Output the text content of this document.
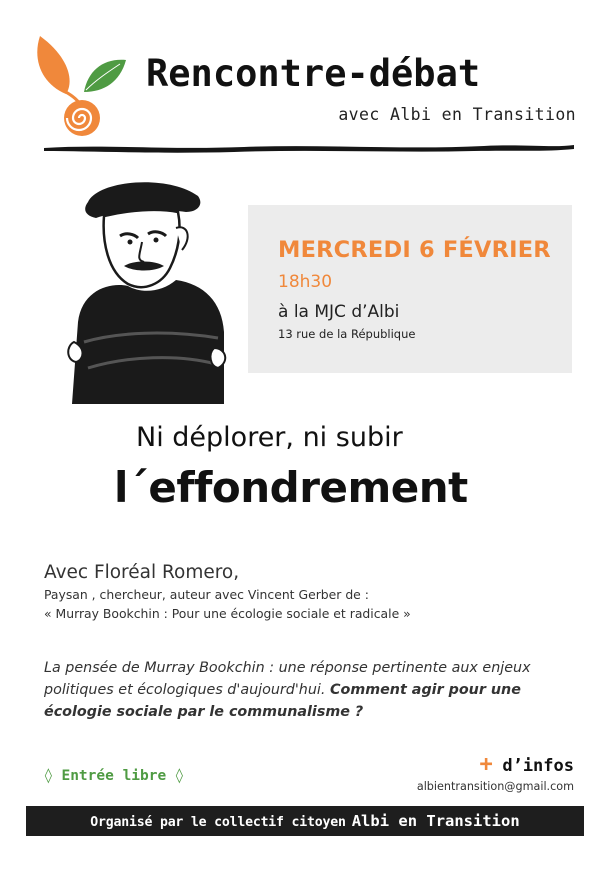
Rencontre-débat
avec Albi en Transition
MERCREDI 6 FÉVRIER
18h30
à la MJC d’Albi
13 rue de la République
Ni déplorer, ni subir
l´effondrement
Avec Floréal Romero,
Paysan , chercheur, auteur avec Vincent Gerber de :
« Murray Bookchin : Pour une écologie sociale et radicale »
La pensée de Murray Bookchin : une réponse pertinente aux enjeux politiques et écologiques d'aujourd'hui. Comment agir pour une écologie sociale par le communalisme ?
◊ Entrée libre ◊	+ d’infos
albientransition@gmail.com
Organisé par le collectif citoyen Albi en Transition
